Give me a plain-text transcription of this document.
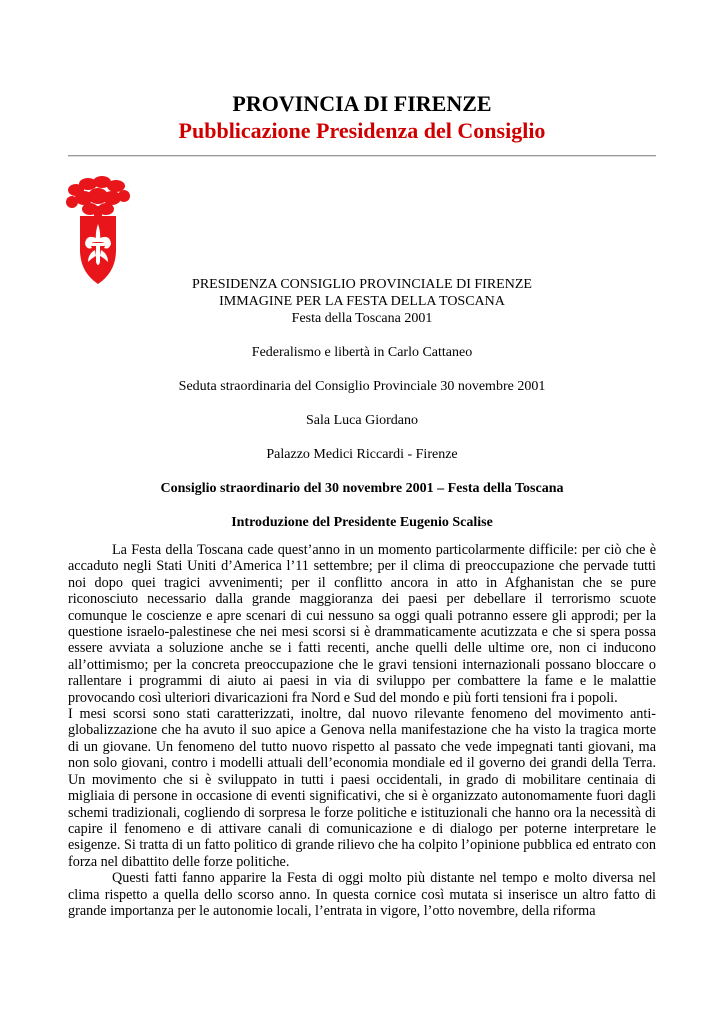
PROVINCIA DI FIRENZE
Pubblicazione Presidenza del Consiglio

PRESIDENZA CONSIGLIO PROVINCIALE DI FIRENZE

IMMAGINE PER LA FESTA DELLA TOSCANA

Festa della Toscana 2001

Federalismo e libertà in Carlo Cattaneo

Seduta straordinaria del Consiglio Provinciale 30 novembre 2001

Sala Luca Giordano

Palazzo Medici Riccardi - Firenze

Consiglio straordinario del 30 novembre 2001 – Festa della Toscana

Introduzione del Presidente Eugenio Scalise

La Festa della Toscana cade quest’anno in un momento particolarmente difficile: per ciò che è accaduto negli Stati Uniti d’America l’11 settembre; per il clima di preoccupazione che pervade tutti noi dopo quei tragici avvenimenti; per il conflitto ancora in atto in Afghanistan che se pure riconosciuto necessario dalla grande maggioranza dei paesi per debellare il terrorismo scuote comunque le coscienze e apre scenari di cui nessuno sa oggi quali potranno essere gli approdi; per la questione israelo-palestinese che nei mesi scorsi si è drammaticamente acutizzata e che si spera possa essere avviata a soluzione anche se i fatti recenti, anche quelli delle ultime ore, non ci inducono all’ottimismo; per la concreta preoccupazione che le gravi tensioni internazionali possano bloccare o rallentare i programmi di aiuto ai paesi in via di sviluppo per combattere la fame e le malattie provocando così ulteriori divaricazioni fra Nord e Sud del mondo e più forti tensioni fra i popoli.

I mesi scorsi sono stati caratterizzati, inoltre, dal nuovo rilevante fenomeno del movimento anti-globalizzazione che ha avuto il suo apice a Genova nella manifestazione che ha visto la tragica morte di un giovane. Un fenomeno del tutto nuovo rispetto al passato che vede impegnati tanti giovani, ma non solo giovani, contro i modelli attuali dell’economia mondiale ed il governo dei grandi della Terra. Un movimento che si è sviluppato in tutti i paesi occidentali, in grado di mobilitare centinaia di migliaia di persone in occasione di eventi significativi, che si è organizzato autonomamente fuori dagli schemi tradizionali, cogliendo di sorpresa le forze politiche e istituzionali che hanno ora la necessità di capire il fenomeno e di attivare canali di comunicazione e di dialogo per poterne interpretare le esigenze. Si tratta di un fatto politico di grande rilievo che ha colpito l’opinione pubblica ed entrato con forza nel dibattito delle forze politiche.

Questi fatti fanno apparire la Festa di oggi molto più distante nel tempo e molto diversa nel clima rispetto a quella dello scorso anno. In questa cornice così mutata si inserisce un altro fatto di grande importanza per le autonomie locali, l’entrata in vigore, l’otto novembre, della riforma
